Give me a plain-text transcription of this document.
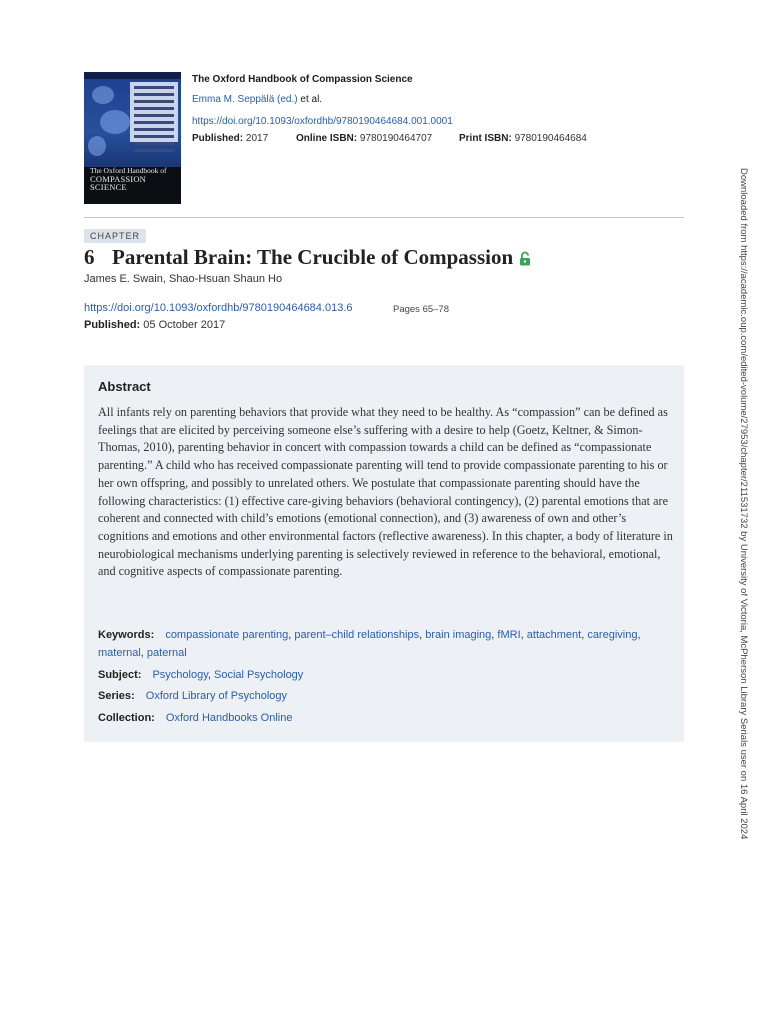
The Oxford Handbook of
COMPASSION SCIENCE
The Oxford Handbook of Compassion Science
Emma M. Seppälä (ed.) et al.
https://doi.org/10.1093/oxfordhb/9780190464684.001.0001
Published: 2017	Online ISBN: 9780190464707	Print ISBN: 9780190464684
CHAPTER
6 Parental Brain: The Crucible of Compassion
James E. Swain, Shao-Hsuan Shaun Ho
https://doi.org/10.1093/oxfordhb/9780190464684.013.6	Pages 65–78
Published: 05 October 2017
Abstract
All infants rely on parenting behaviors that provide what they need to be healthy. As “compassion” can be defined as feelings that are elicited by perceiving someone else’s suffering with a desire to help (Goetz, Keltner, & Simon-Thomas, 2010), parenting behavior in concert with compassion towards a child can be defined as “compassionate parenting.” A child who has received compassionate parenting will tend to provide compassionate parenting to his or her own offspring, and possibly to unrelated others. We postulate that compassionate parenting should have the following characteristics: (1) effective care-giving behaviors (behavioral contingency), (2) parental emotions that are coherent and connected with child’s emotions (emotional connection), and (3) awareness of own and other’s cognitions and emotions and other environmental factors (reflective awareness). In this chapter, a body of literature in neurobiological mechanisms underlying parenting is selectively reviewed in reference to the behavioral, emotional, and cognitive aspects of compassionate parenting.
Keywords: compassionate parenting, parent–child relationships, brain imaging, fMRI, attachment, caregiving, maternal, paternal
Subject: Psychology, Social Psychology
Series: Oxford Library of Psychology
Collection: Oxford Handbooks Online	Downloaded from https://academic.oup.com/edited-volume/27953/chapter/211531732 by University of Victoria, McPherson Library Serials user on 16 April 2024
